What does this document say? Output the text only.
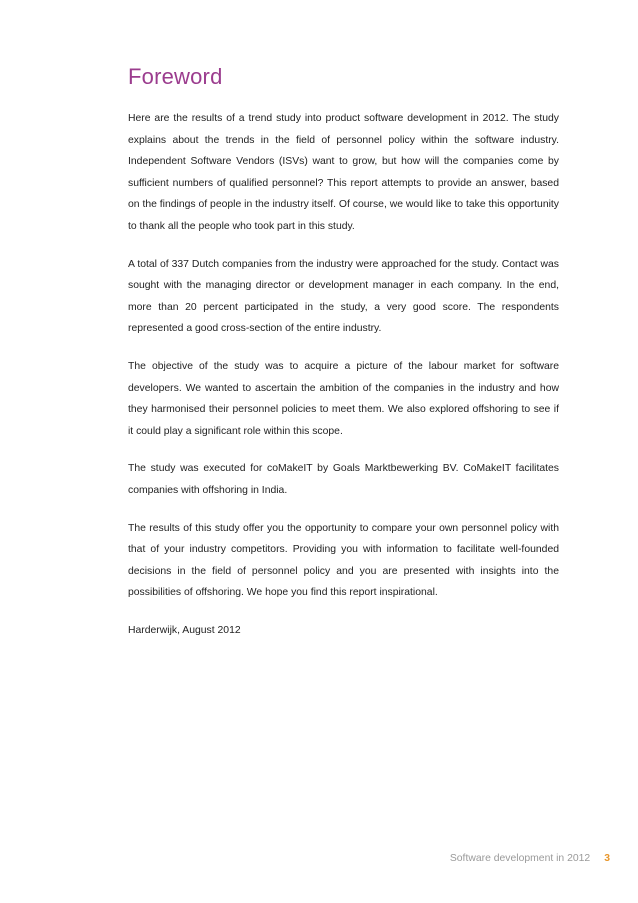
Foreword

Here are the results of a trend study into product software development in 2012. The study explains about the trends in the field of personnel policy within the software industry. Independent Software Vendors (ISVs) want to grow, but how will the companies come by sufficient numbers of qualified personnel? This report attempts to provide an answer, based on the findings of people in the industry itself. Of course, we would like to take this opportunity to thank all the people who took part in this study.

A total of 337 Dutch companies from the industry were approached for the study. Contact was sought with the managing director or development manager in each company. In the end, more than 20 percent participated in the study, a very good score. The respondents represented a good cross-section of the entire industry.

The objective of the study was to acquire a picture of the labour market for software developers. We wanted to ascertain the ambition of the companies in the industry and how they harmonised their personnel policies to meet them. We also explored offshoring to see if it could play a significant role within this scope.

The study was executed for coMakeIT by Goals Marktbewerking BV. CoMakeIT facilitates companies with offshoring in India.

The results of this study offer you the opportunity to compare your own personnel policy with that of your industry competitors. Providing you with information to facilitate well-founded decisions in the field of personnel policy and you are presented with insights into the possibilities of offshoring. We hope you find this report inspirational.

Harderwijk, August 2012

Software development in 2012 3
